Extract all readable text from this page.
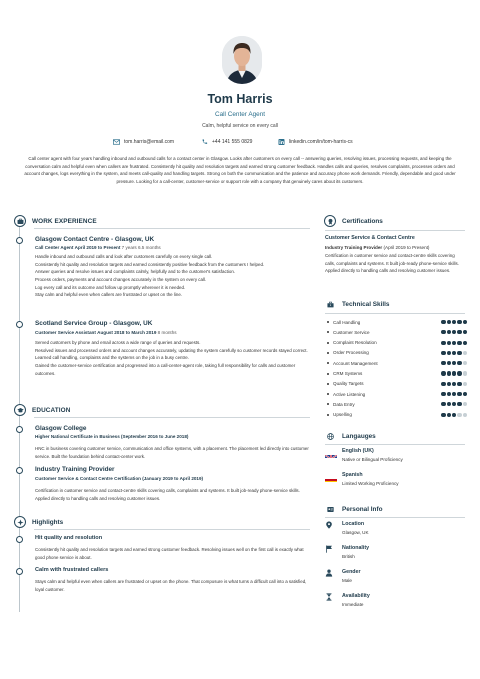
Tom Harris
Call Center Agent
Calm, helpful service on every call
tom.harris@email.com	+44 141 555 0829	linkedin.com/in/tom-harris-cs
Call center agent with four years handling inbound and outbound calls for a contact center in Glasgow. Looks after customers on every call -- answering queries, resolving issues, processing requests, and keeping the conversation calm and helpful even when callers are frustrated. Consistently hit quality and resolution targets and earned strong customer feedback. Handles calls and queries, resolves complaints, processes orders and account changes, logs everything in the system, and meets call-quality and handling targets. Strong on both the communication and the patience and accuracy phone work demands. Friendly, dependable and good under pressure. Looking for a call-center, customer-service or support role with a company that genuinely cares about its customers.
WORK EXPERIENCE
Glasgow Contact Centre - Glasgow, UK
Call Center Agent April 2019 to Present 7 years 6.5 months
Handle inbound and outbound calls and look after customers carefully on every single call.
Consistently hit quality and resolution targets and earned consistently positive feedback from the customers I helped.
Answer queries and resolve issues and complaints calmly, helpfully and to the customer's satisfaction.
Process orders, payments and account changes accurately in the system on every call.
Log every call and its outcome and follow up promptly wherever it is needed.
Stay calm and helpful even when callers are frustrated or upset on the line.
Scotland Service Group - Glasgow, UK
Customer Service Assistant August 2018 to March 2019 8 months
Served customers by phone and email across a wide range of queries and requests.
Resolved issues and processed orders and account changes accurately, updating the system carefully so customer records stayed correct.
Learned call handling, complaints and the systems on the job in a busy centre.
Gained the customer-service certification and progressed into a call-center-agent role, taking full responsibility for calls and customer outcomes.
EDUCATION
Glasgow College
Higher National Certificate in Business (September 2016 to June 2018)
HNC in business covering customer service, communication and office systems, with a placement. The placement led directly into customer service. Built the foundation behind contact-center work.
Industry Training Provider
Customer Service & Contact Centre Certification (January 2019 to April 2019)
Certification in customer service and contact-centre skills covering calls, complaints and systems. It built job-ready phone-service skills. Applied directly to handling calls and resolving customer issues.
Highlights
Hit quality and resolution
Consistently hit quality and resolution targets and earned strong customer feedback. Resolving issues well on the first call is exactly what good phone service is about.
Calm with frustrated callers
Stays calm and helpful even when callers are frustrated or upset on the phone. That composure is what turns a difficult call into a satisfied, loyal customer.
Certifications
Customer Service & Contact Centre
Industry Training Provider (April 2019 to Present)
Certification in customer service and contact-centre skills covering calls, complaints and systems. It built job-ready phone-service skills. Applied directly to handling calls and resolving customer issues.
Technical Skills
Call Handling
Customer Service
Complaint Resolution
Order Processing
Account Management
CRM Systems
Quality Targets
Active Listening
Data Entry
Upselling
Langauges
English (UK)
Native or Bilingual Proficiency
Spanish
Limited Working Proficiency
Personal Info
Location
Glasgow, UK
Nationality
British
Gender
Male
Availability
Immediate
